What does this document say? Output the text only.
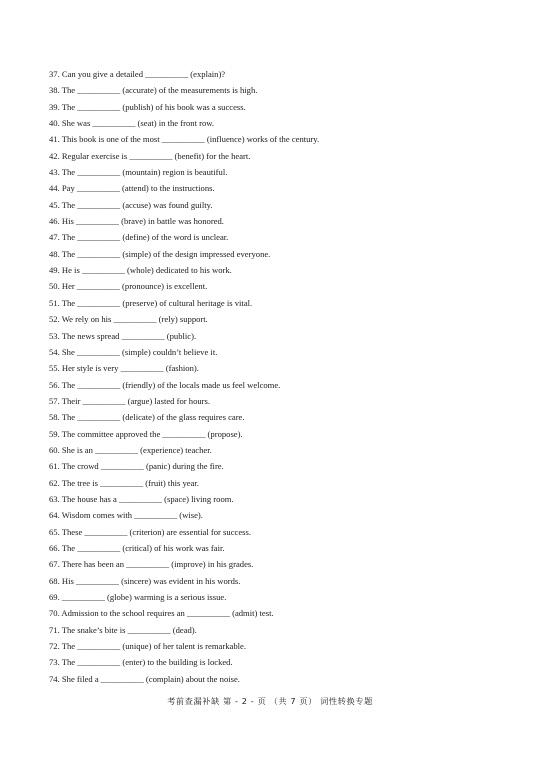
37. Can you give a detailed __________ (explain)?
38. The __________ (accurate) of the measurements is high.
39. The __________ (publish) of his book was a success.
40. She was __________ (seat) in the front row.
41. This book is one of the most __________ (influence) works of the century.
42. Regular exercise is __________ (benefit) for the heart.
43. The __________ (mountain) region is beautiful.
44. Pay __________ (attend) to the instructions.
45. The __________ (accuse) was found guilty.
46. His __________ (brave) in battle was honored.
47. The __________ (define) of the word is unclear.
48. The __________ (simple) of the design impressed everyone.
49. He is __________ (whole) dedicated to his work.
50. Her __________ (pronounce) is excellent.
51. The __________ (preserve) of cultural heritage is vital.
52. We rely on his __________ (rely) support.
53. The news spread __________ (public).
54. She __________ (simple) couldn’t believe it.
55. Her style is very __________ (fashion).
56. The __________ (friendly) of the locals made us feel welcome.
57. Their __________ (argue) lasted for hours.
58. The __________ (delicate) of the glass requires care.
59. The committee approved the __________ (propose).
60. She is an __________ (experience) teacher.
61. The crowd __________ (panic) during the fire.
62. The tree is __________ (fruit) this year.
63. The house has a __________ (space) living room.
64. Wisdom comes with __________ (wise).
65. These __________ (criterion) are essential for success.
66. The __________ (critical) of his work was fair.
67. There has been an __________ (improve) in his grades.
68. His __________ (sincere) was evident in his words.
69. __________ (globe) warming is a serious issue.
70. Admission to the school requires an __________ (admit) test.
71. The snake’s bite is __________ (dead).
72. The __________ (unique) of her talent is remarkable.
73. The __________ (enter) to the building is locked.
74. She filed a __________ (complain) about the noise.
考前查漏补缺 第 - 2 - 页 （共 7 页） 词性转换专题
